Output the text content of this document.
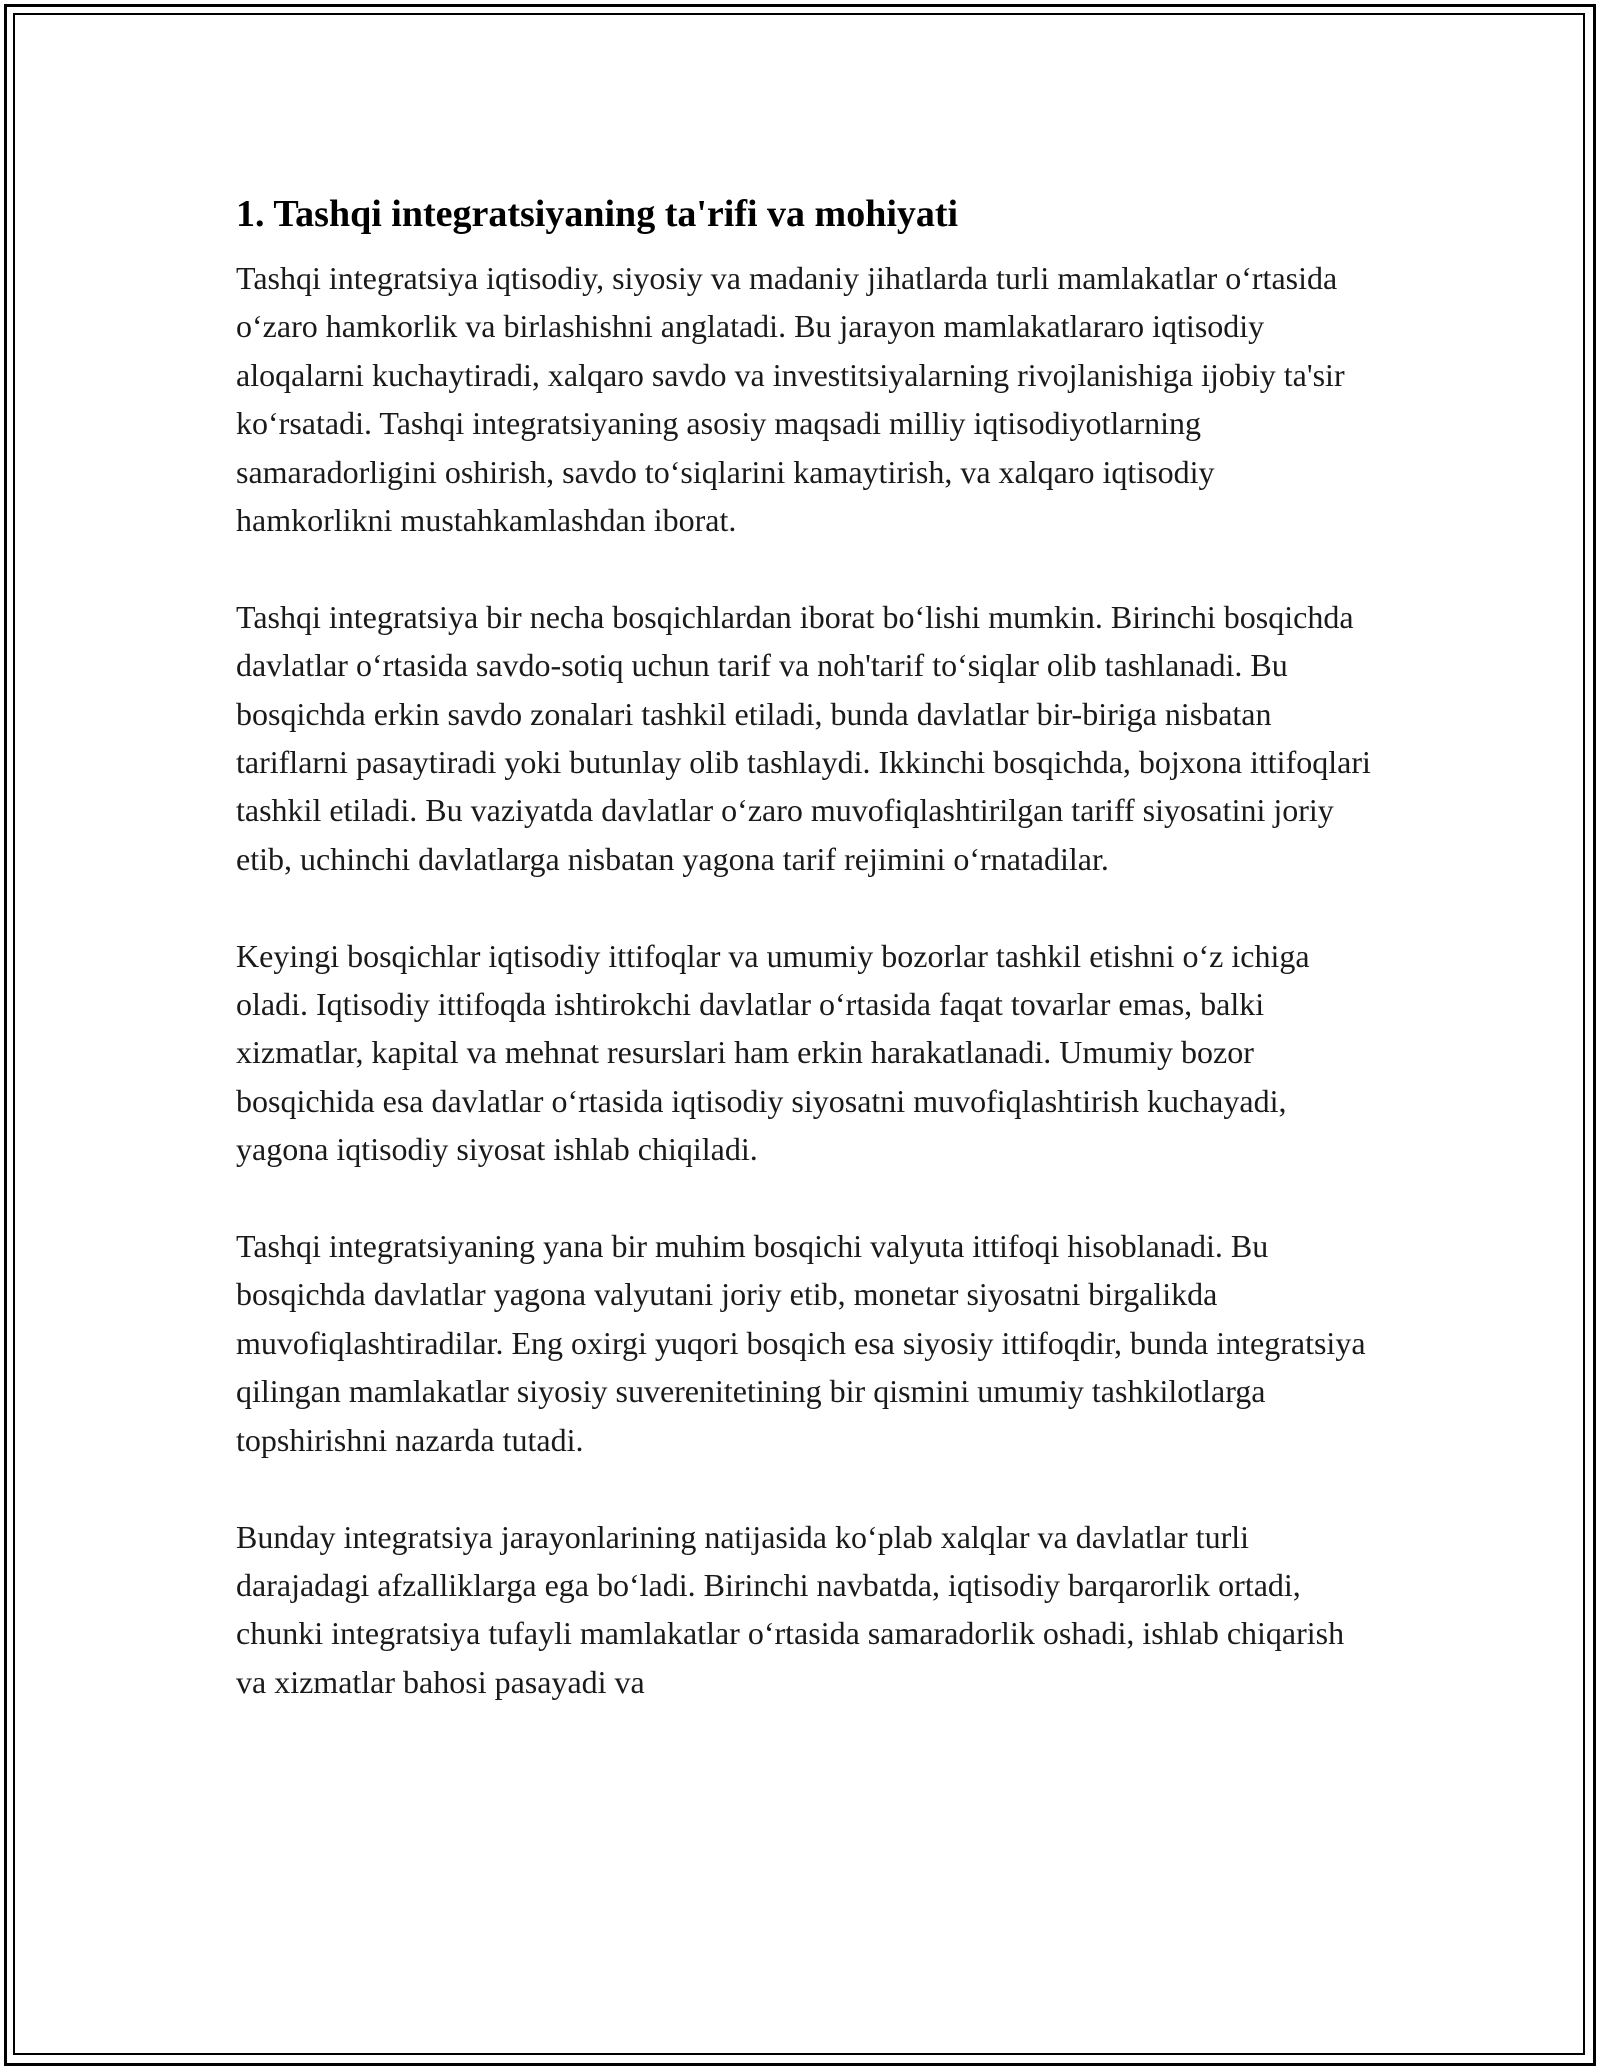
1. Tashqi integratsiyaning ta'rifi va mohiyati

Tashqi integratsiya iqtisodiy, siyosiy va madaniy jihatlarda turli mamlakatlar o‘rtasida o‘zaro hamkorlik va birlashishni anglatadi. Bu jarayon mamlakatlararo iqtisodiy aloqalarni kuchaytiradi, xalqaro savdo va investitsiyalarning rivojlanishiga ijobiy ta'sir ko‘rsatadi. Tashqi integratsiyaning asosiy maqsadi milliy iqtisodiyotlarning samaradorligini oshirish, savdo to‘siqlarini kamaytirish, va xalqaro iqtisodiy hamkorlikni mustahkamlashdan iborat.

Tashqi integratsiya bir necha bosqichlardan iborat bo‘lishi mumkin. Birinchi bosqichda davlatlar o‘rtasida savdo-sotiq uchun tarif va noh'tarif to‘siqlar olib tashlanadi. Bu bosqichda erkin savdo zonalari tashkil etiladi, bunda davlatlar bir-biriga nisbatan tariflarni pasaytiradi yoki butunlay olib tashlaydi. Ikkinchi bosqichda, bojxona ittifoqlari tashkil etiladi. Bu vaziyatda davlatlar o‘zaro muvofiqlashtirilgan tariff siyosatini joriy etib, uchinchi davlatlarga nisbatan yagona tarif rejimini o‘rnatadilar.

Keyingi bosqichlar iqtisodiy ittifoqlar va umumiy bozorlar tashkil etishni o‘z ichiga oladi. Iqtisodiy ittifoqda ishtirokchi davlatlar o‘rtasida faqat tovarlar emas, balki xizmatlar, kapital va mehnat resurslari ham erkin harakatlanadi. Umumiy bozor bosqichida esa davlatlar o‘rtasida iqtisodiy siyosatni muvofiqlashtirish kuchayadi, yagona iqtisodiy siyosat ishlab chiqiladi.

Tashqi integratsiyaning yana bir muhim bosqichi valyuta ittifoqi hisoblanadi. Bu bosqichda davlatlar yagona valyutani joriy etib, monetar siyosatni birgalikda muvofiqlashtiradilar. Eng oxirgi yuqori bosqich esa siyosiy ittifoqdir, bunda integratsiya qilingan mamlakatlar siyosiy suverenitetining bir qismini umumiy tashkilotlarga topshirishni nazarda tutadi.

Bunday integratsiya jarayonlarining natijasida ko‘plab xalqlar va davlatlar turli darajadagi afzalliklarga ega bo‘ladi. Birinchi navbatda, iqtisodiy barqarorlik ortadi, chunki integratsiya tufayli mamlakatlar o‘rtasida samaradorlik oshadi, ishlab chiqarish va xizmatlar bahosi pasayadi va
